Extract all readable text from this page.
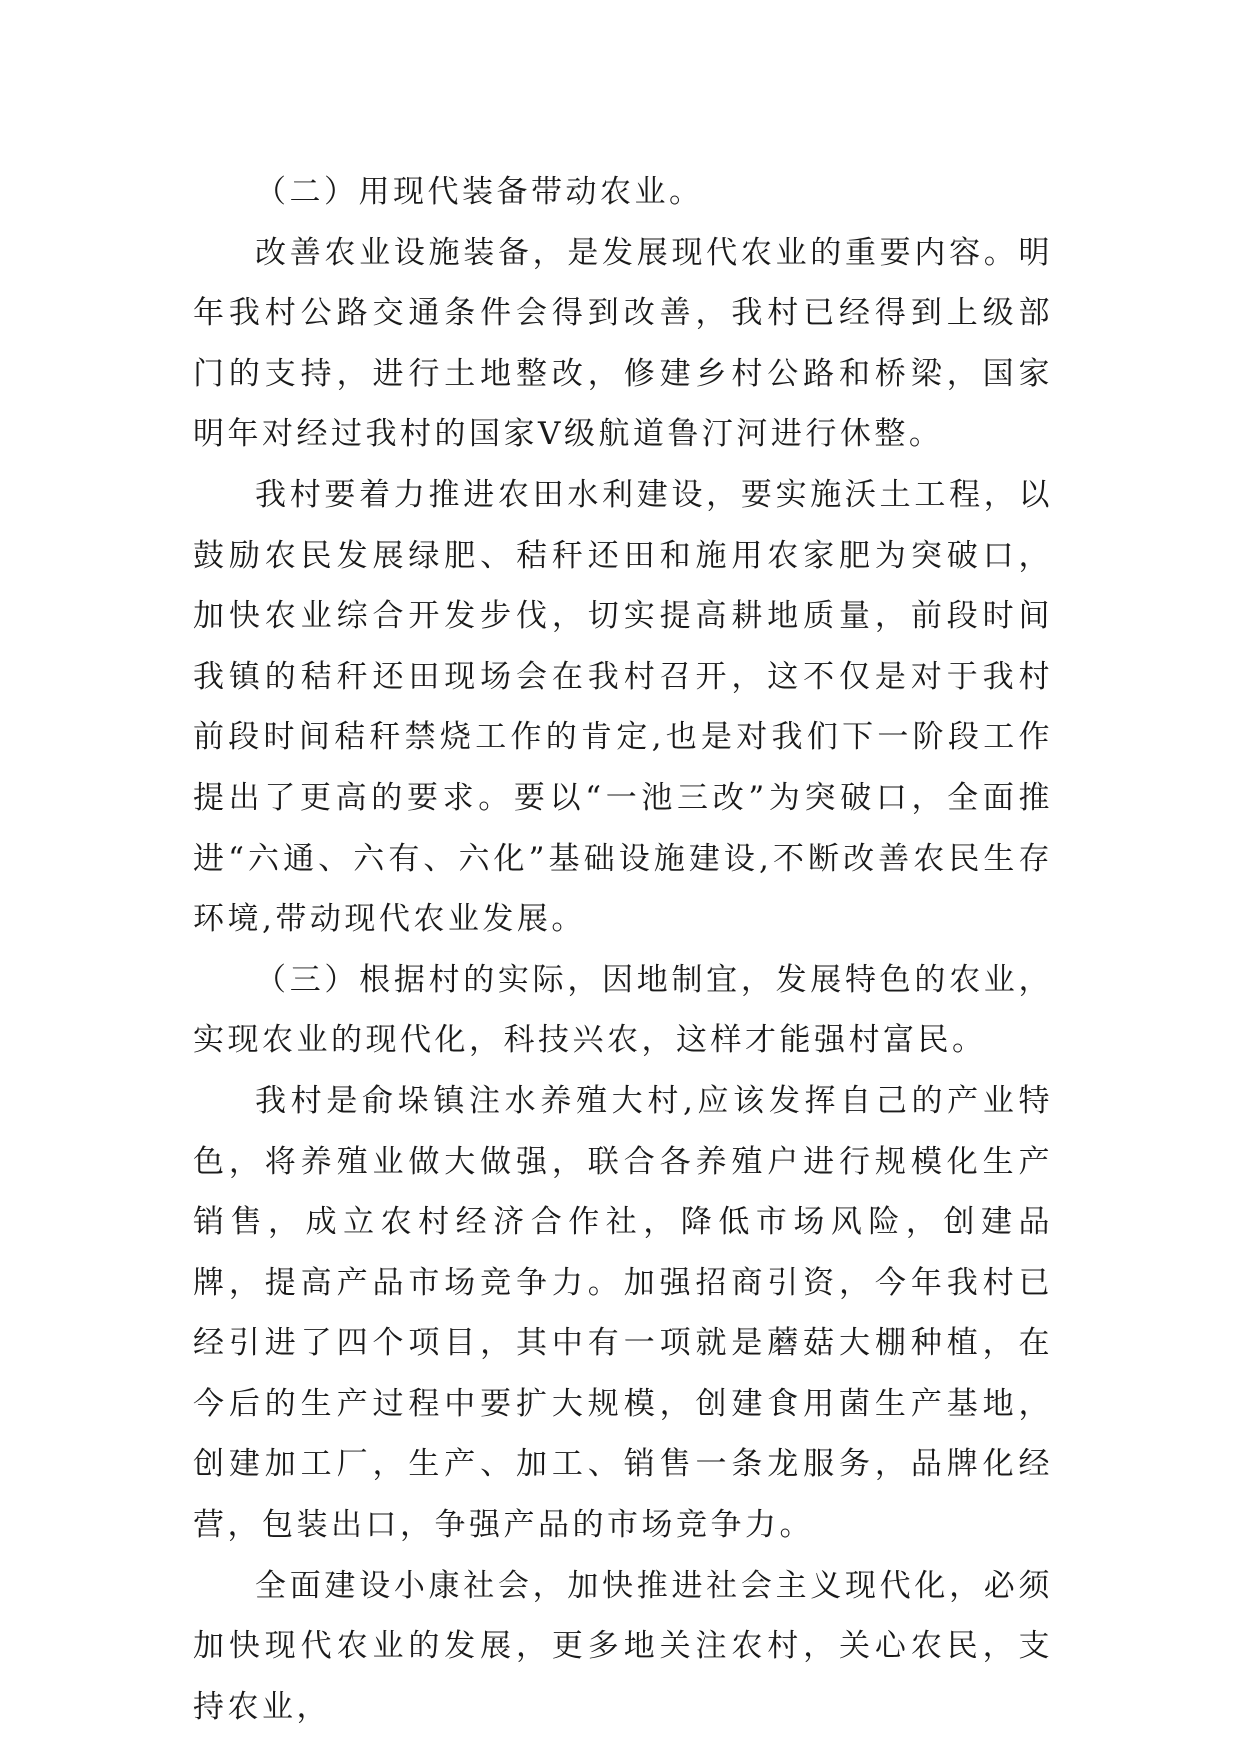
（二）用现代装备带动农业。

改善农业设施装备，是发展现代农业的重要内容。明年我村公路交通条件会得到改善，我村已经得到上级部门的支持，进行土地整改，修建乡村公路和桥梁，国家明年对经过我村的国家Ⅴ级航道鲁汀河进行休整。

我村要着力推进农田水利建设，要实施沃土工程，以鼓励农民发展绿肥、秸秆还田和施用农家肥为突破口，加快农业综合开发步伐，切实提高耕地质量，前段时间我镇的秸秆还田现场会在我村召开，这不仅是对于我村前段时间秸秆禁烧工作的肯定,也是对我们下一阶段工作提出了更高的要求。要以“一池三改”为突破口，全面推进“六通、六有、六化”基础设施建设,不断改善农民生存环境,带动现代农业发展。

（三）根据村的实际，因地制宜，发展特色的农业，实现农业的现代化，科技兴农，这样才能强村富民。

我村是俞垛镇注水养殖大村,应该发挥自己的产业特色，将养殖业做大做强，联合各养殖户进行规模化生产销售，成立农村经济合作社，降低市场风险，创建品牌，提高产品市场竞争力。加强招商引资，今年我村已经引进了四个项目，其中有一项就是蘑菇大棚种植，在今后的生产过程中要扩大规模，创建食用菌生产基地，创建加工厂，生产、加工、销售一条龙服务，品牌化经营，包装出口，争强产品的市场竞争力。

全面建设小康社会，加快推进社会主义现代化，必须加快现代农业的发展，更多地关注农村，关心农民，支持农业，
